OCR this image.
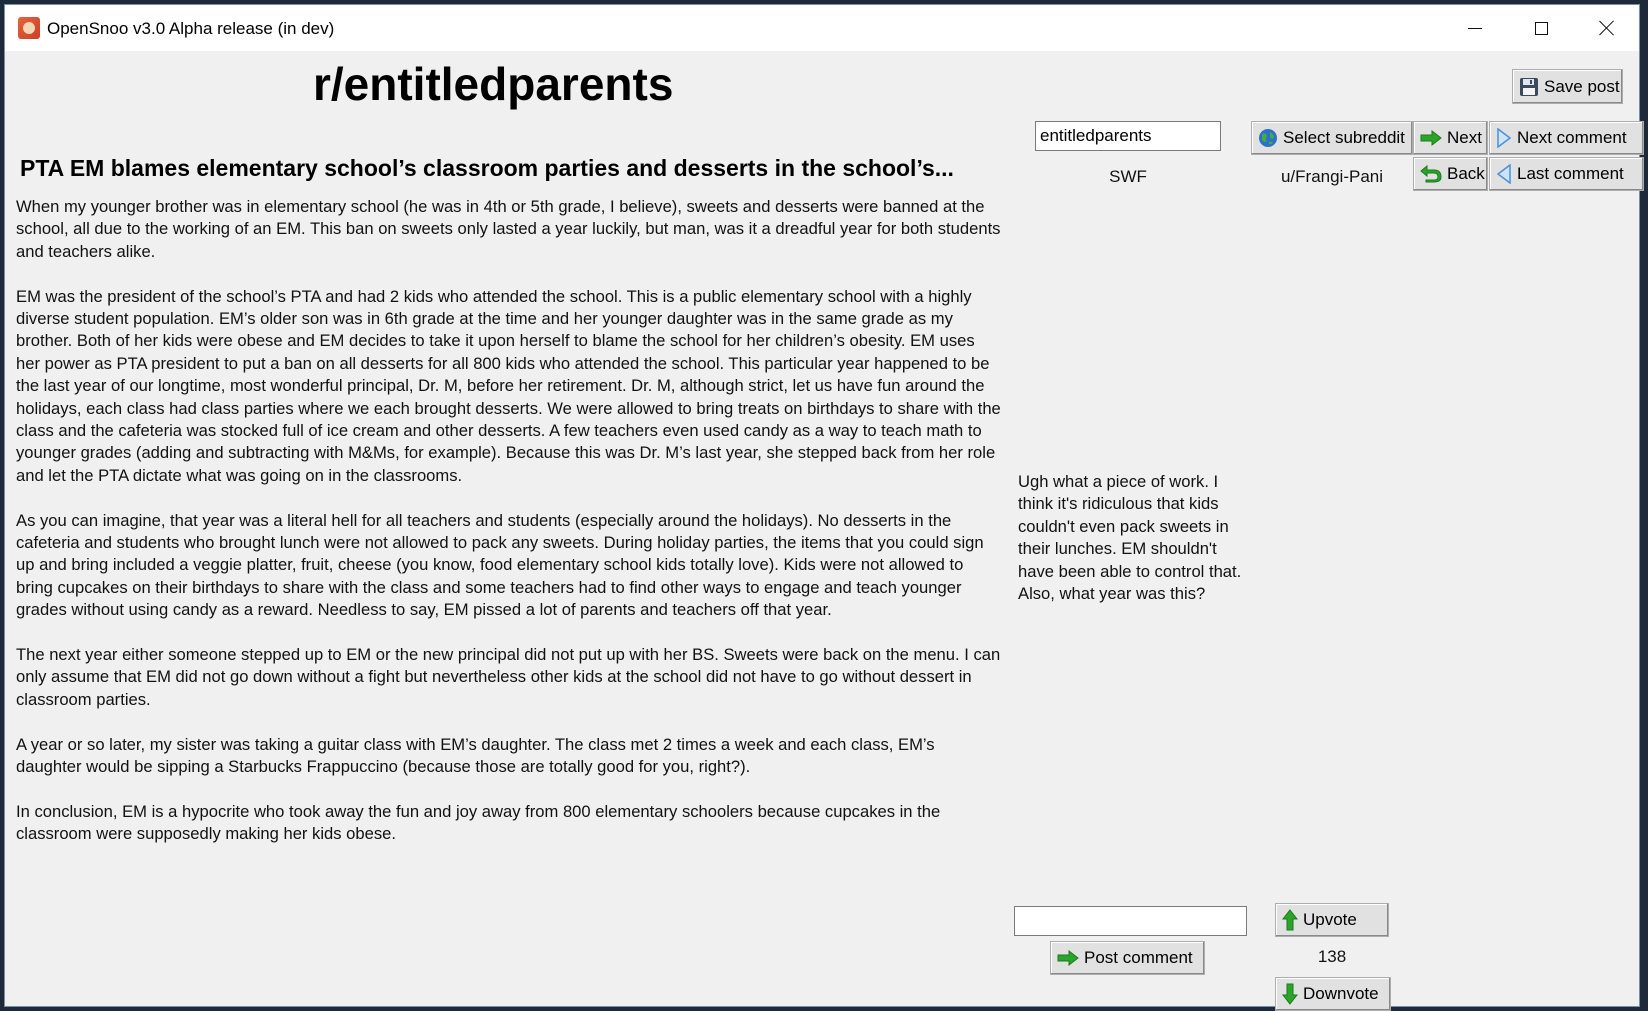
OpenSnoo v3.0 Alpha release (in dev)
r/entitledparents	Save post
entitledparents
Select subreddit Next Next comment
Back Last comment
SWF	u/Frangi-Pani
PTA EM blames elementary school’s classroom parties and desserts in the school’s...

When my younger brother was in elementary school (he was in 4th or 5th grade, I believe), sweets and desserts were banned at the school, all due to the working of an EM. This ban on sweets only lasted a year luckily, but man, was it a dreadful year for both students and teachers alike.

EM was the president of the school’s PTA and had 2 kids who attended the school. This is a public elementary school with a highly diverse student population. EM’s older son was in 6th grade at the time and her younger daughter was in the same grade as my brother. Both of her kids were obese and EM decides to take it upon herself to blame the school for her children’s obesity. EM uses her power as PTA president to put a ban on all desserts for all 800 kids who attended the school. This particular year happened to be the last year of our longtime, most wonderful principal, Dr. M, before her retirement. Dr. M, although strict, let us have fun around the holidays, each class had class parties where we each brought desserts. We were allowed to bring treats on birthdays to share with the class and the cafeteria was stocked full of ice cream and other desserts. A few teachers even used candy as a way to teach math to younger grades (adding and subtracting with M&Ms, for example). Because this was Dr. M’s last year, she stepped back from her role and let the PTA dictate what was going on in the classrooms.

As you can imagine, that year was a literal hell for all teachers and students (especially around the holidays). No desserts in the cafeteria and students who brought lunch were not allowed to pack any sweets. During holiday parties, the items that you could sign up and bring included a veggie platter, fruit, cheese (you know, food elementary school kids totally love). Kids were not allowed to bring cupcakes on their birthdays to share with the class and some teachers had to find other ways to engage and teach younger grades without using candy as a reward. Needless to say, EM pissed a lot of parents and teachers off that year.

The next year either someone stepped up to EM or the new principal did not put up with her BS. Sweets were back on the menu. I can only assume that EM did not go down without a fight but nevertheless other kids at the school did not have to go without dessert in classroom parties.

A year or so later, my sister was taking a guitar class with EM’s daughter. The class met 2 times a week and each class, EM’s daughter would be sipping a Starbucks Frappuccino (because those are totally good for you, right?).

In conclusion, EM is a hypocrite who took away the fun and joy away from 800 elementary schoolers because cupcakes in the classroom were supposedly making her kids obese.

Ugh what a piece of work. I think it's ridiculous that kids couldn't even pack sweets in their lunches. EM shouldn't have been able to control that. Also, what year was this?
Upvote
Post comment	138
Downvote
